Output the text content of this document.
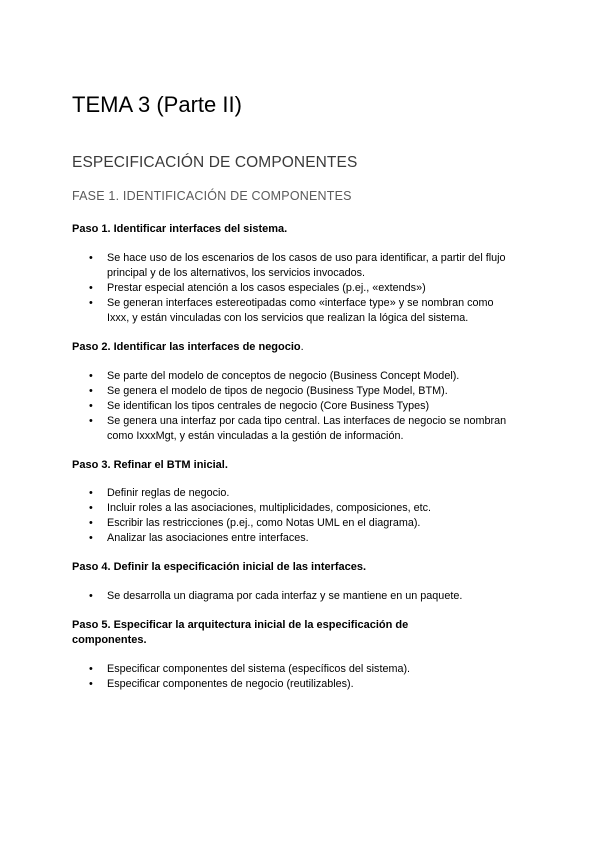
TEMA 3 (Parte II)
ESPECIFICACIÓN DE COMPONENTES
FASE 1. IDENTIFICACIÓN DE COMPONENTES
Paso 1. Identificar interfaces del sistema.
• Se hace uso de los escenarios de los casos de uso para identificar, a partir del flujo principal y de los alternativos, los servicios invocados.
• Prestar especial atención a los casos especiales (p.ej., «extends»)
• Se generan interfaces estereotipadas como «interface type» y se nombran como Ixxx, y están vinculadas con los servicios que realizan la lógica del sistema.
Paso 2. Identificar las interfaces de negocio.
• Se parte del modelo de conceptos de negocio (Business Concept Model).
• Se genera el modelo de tipos de negocio (Business Type Model, BTM).
• Se identifican los tipos centrales de negocio (Core Business Types)
• Se genera una interfaz por cada tipo central. Las interfaces de negocio se nombran como IxxxMgt, y están vinculadas a la gestión de información.
Paso 3. Refinar el BTM inicial.
• Definir reglas de negocio.
• Incluir roles a las asociaciones, multiplicidades, composiciones, etc.
• Escribir las restricciones (p.ej., como Notas UML en el diagrama).
• Analizar las asociaciones entre interfaces.
Paso 4. Definir la especificación inicial de las interfaces.
• Se desarrolla un diagrama por cada interfaz y se mantiene en un paquete.
Paso 5. Especificar la arquitectura inicial de la especificación de
componentes.
• Especificar componentes del sistema (específicos del sistema).
• Especificar componentes de negocio (reutilizables).
